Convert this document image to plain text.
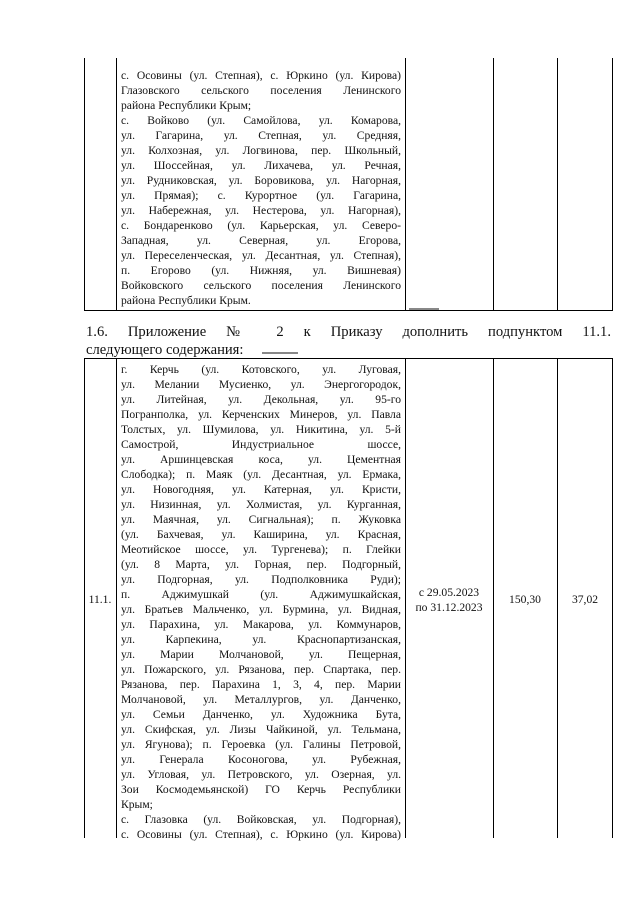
с. Осовины (ул. Степная), с. Юркино (ул. Кирова)
Глазовского сельского поселения Ленинского
района Республики Крым;
с. Войково (ул. Самойлова, ул. Комарова,
ул. Гагарина, ул. Степная, ул. Средняя,
ул. Колхозная, ул. Логвинова, пер. Школьный,
ул. Шоссейная, ул. Лихачева, ул. Речная,
ул. Рудниковская, ул. Боровикова, ул. Нагорная,
ул. Прямая); с. Курортное (ул. Гагарина,
ул. Набережная, ул. Нестерова, ул. Нагорная),
с. Бондаренково (ул. Карьерская, ул. Северо-
Западная, ул. Северная, ул. Егорова,
ул. Переселенческая, ул. Десантная, ул. Степная),
п. Егорово (ул. Нижняя, ул. Вишневая)
Войковского сельского поселения Ленинского
района Республики Крым.
1.6. Приложение № 2 к Приказу дополнить подпунктом 11.1.
следующего содержания:
11.1.
г. Керчь (ул. Котовского, ул. Луговая,
ул. Мелании Мусиенко, ул. Энергогородок,
ул. Литейная, ул. Декольная, ул. 95-го
Погранполка, ул. Керченских Минеров, ул. Павла
Толстых, ул. Шумилова, ул. Никитина, ул. 5-й
Самострой, Индустриальное шоссе,
ул. Аршинцевская коса, ул. Цементная
Слободка); п. Маяк (ул. Десантная, ул. Ермака,
ул. Новогодняя, ул. Катерная, ул. Кристи,
ул. Низинная, ул. Холмистая, ул. Курганная,
ул. Маячная, ул. Сигнальная); п. Жуковка
(ул. Бахчевая, ул. Каширина, ул. Красная,
Меотийское шоссе, ул. Тургенева); п. Глейки
(ул. 8 Марта, ул. Горная, пер. Подгорный,
ул. Подгорная, ул. Подполковника Руди);
п. Аджимушкай (ул. Аджимушкайская,
ул. Братьев Мальченко, ул. Бурмина, ул. Видная,
ул. Парахина, ул. Макарова, ул. Коммунаров,
ул. Карпекина, ул. Краснопартизанская,
ул. Марии Молчановой, ул. Пещерная,
ул. Пожарского, ул. Рязанова, пер. Спартака, пер.
Рязанова, пер. Парахина 1, 3, 4, пер. Марии
Молчановой, ул. Металлургов, ул. Данченко,
ул. Семьи Данченко, ул. Художника Бута,
ул. Скифская, ул. Лизы Чайкиной, ул. Тельмана,
ул. Ягунова); п. Героевка (ул. Галины Петровой,
ул. Генерала Косоногова, ул. Рубежная,
ул. Угловая, ул. Петровского, ул. Озерная, ул.
Зои Космодемьянской) ГО Керчь Республики
Крым;
с. Глазовка (ул. Войковская, ул. Подгорная),
с. Осовины (ул. Степная), с. Юркино (ул. Кирова)
с 29.05.2023
по 31.12.2023
150,30	37,02
